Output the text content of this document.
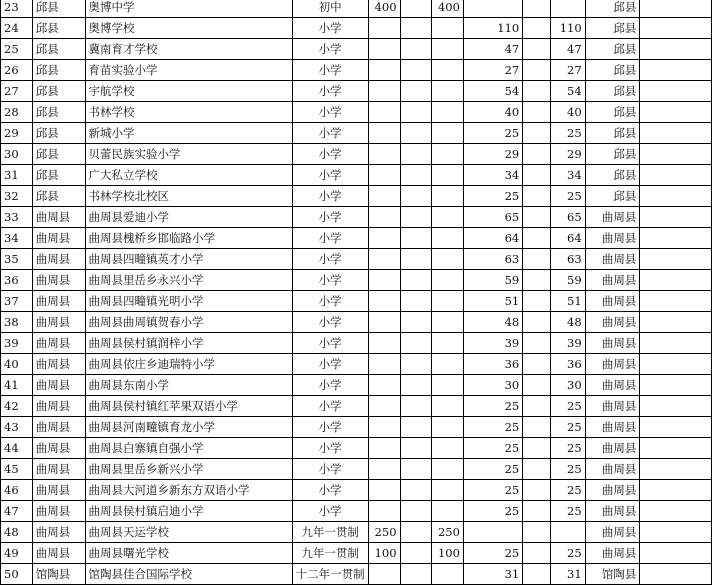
23	邱县	奥博中学	初中	400		400				邱县	
24	邱县	奥博学校	小学				110		110	邱县	
25	邱县	冀南育才学校	小学				47		47	邱县	
26	邱县	育苗实验小学	小学				27		27	邱县	
27	邱县	宇航学校	小学				54		54	邱县	
28	邱县	书林学校	小学				40		40	邱县	
29	邱县	新城小学	小学				25		25	邱县	
30	邱县	贝蕾民族实验小学	小学				29		29	邱县	
31	邱县	广大私立学校	小学				34		34	邱县	
32	邱县	书林学校北校区	小学				25		25	邱县	
33	曲周县	曲周县爱迪小学	小学				65		65	曲周县	
34	曲周县	曲周县槐桥乡邯临路小学	小学				64		64	曲周县	
35	曲周县	曲周县四疃镇英才小学	小学				63		63	曲周县	
36	曲周县	曲周县里岳乡永兴小学	小学				59		59	曲周县	
37	曲周县	曲周县四疃镇光明小学	小学				51		51	曲周县	
38	曲周县	曲周县曲周镇贺春小学	小学				48		48	曲周县	
39	曲周县	曲周县侯村镇润梓小学	小学				39		39	曲周县	
40	曲周县	曲周县依庄乡迪瑞特小学	小学				36		36	曲周县	
41	曲周县	曲周县东南小学	小学				30		30	曲周县	
42	曲周县	曲周县侯村镇红苹果双语小学	小学				25		25	曲周县	
43	曲周县	曲周县河南疃镇育龙小学	小学				25		25	曲周县	
44	曲周县	曲周县白寨镇自强小学	小学				25		25	曲周县	
45	曲周县	曲周县里岳乡新兴小学	小学				25		25	曲周县	
46	曲周县	曲周县大河道乡新东方双语小学	小学				25		25	曲周县	
47	曲周县	曲周县侯村镇启迪小学	小学				25		25	曲周县	
48	曲周县	曲周县天运学校	九年一贯制	250		250				曲周县	
49	曲周县	曲周县曙光学校	九年一贯制	100		100	25		25	曲周县	
50	馆陶县	馆陶县佳合国际学校	十二年一贯制				31		31	馆陶县	
